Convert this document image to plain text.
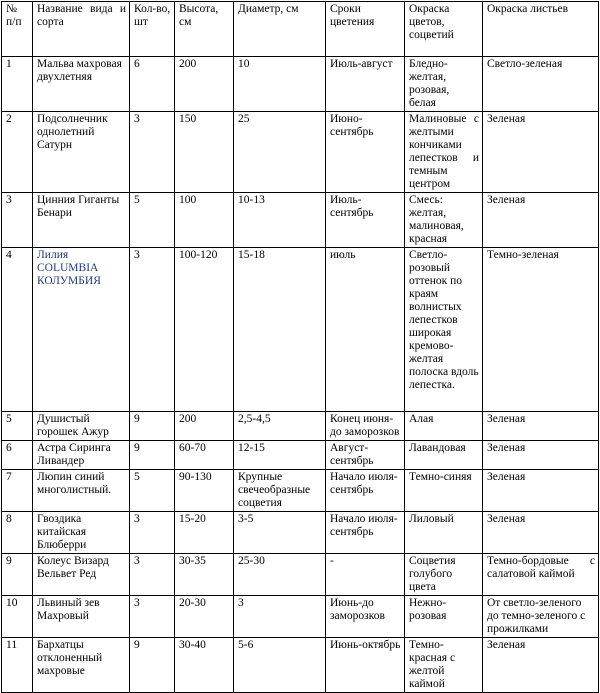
№ п/п	Название вида и сорта	Кол-во, шт	Высота, см	Диаметр, см	Сроки цветения	Окраска цветов, соцветий	Окраска листьев
1	Мальва махровая двухлетняя	6	200	10	Июль-август	Бледно-желтая, розовая, белая	Светло-зеленая
2	Подсолнечник однолетний Сатурн	3	150	25	Июно-сентябрь	Малиновые с желтыми кончиками лепестков и темным центром	Зеленая
3	Цинния Гиганты Бенари	5	100	10-13	Июль-сентябрь	Смесь: желтая, малиновая, красная	Зеленая
4	Лилия COLUMBIA КОЛУМБИЯ	3	100-120	15-18	июль	Светло-розовый оттенок по краям волнистых лепестков широкая кремово-желтая полоска вдоль лепестка.	Темно-зеленая
5	Душистый горошек Ажур	9	200	2,5-4,5	Конец июня- до заморозков	Алая	Зеленая
6	Астра Сиринга Ливандер	9	60-70	12-15	Август-сентябрь	Лавандовая	Зеленая
7	Люпин синий многолистный.	5	90-130	Крупные свечеобразные соцветия	Начало июля-сентябрь	Темно-синяя	Зеленая
8	Гвоздика китайская Блюберри	3	15-20	3-5	Начало июля-сентябрь	Лиловый	Зеленая
9	Колеус Визард Вельвет Ред	3	30-35	25-30	-	Соцветия голубого цвета	Темно-бордовые с салатовой каймой
10	Львиный зев Махровый	3	20-30	3	Июнь-до заморозков	Нежно-розовая	От светло-зеленого до темно-зеленого с прожилками
11	Бархатцы отклоненный махровые	9	30-40	5-6	Июнь-октябрь	Темно-красная с желтой каймой	Зеленая
